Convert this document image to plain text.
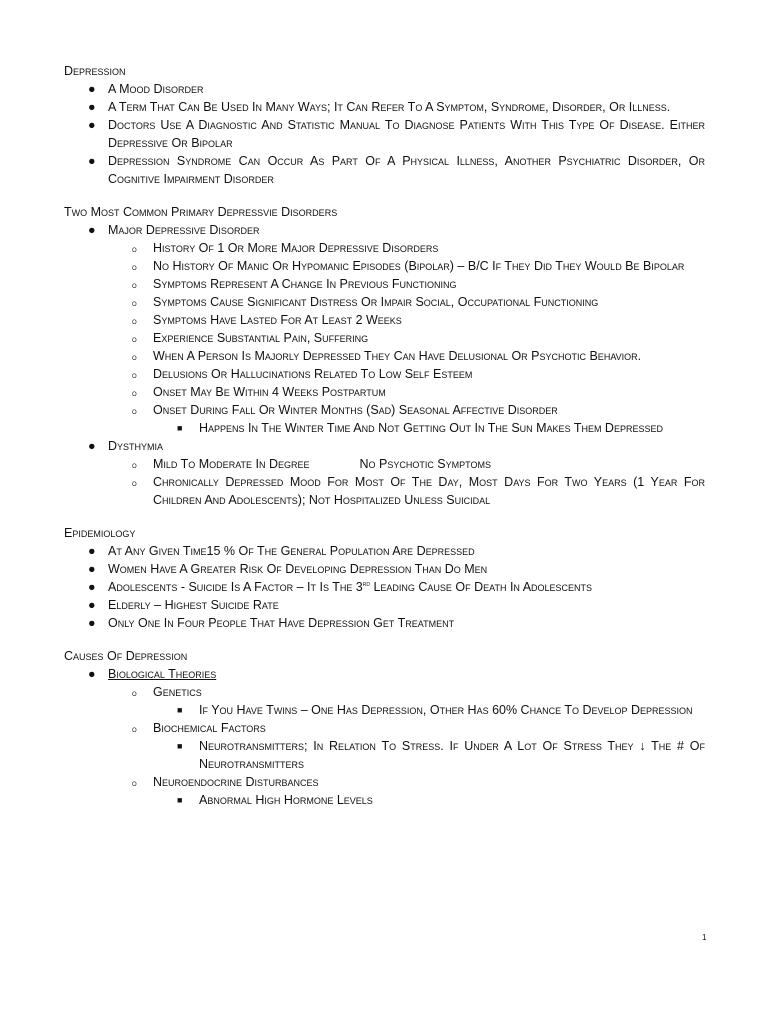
Depression
● A Mood Disorder
● A Term That Can Be Used In Many Ways; It Can Refer To A Symptom, Syndrome, Disorder, Or Illness.
● Doctors Use A Diagnostic And Statistic Manual To Diagnose Patients With This Type Of Disease. Either Depressive Or Bipolar
● Depression Syndrome Can Occur As Part Of A Physical Illness, Another Psychiatric Disorder, Or Cognitive Impairment Disorder
Two Most Common Primary Depressvie Disorders
● Major Depressive Disorder
o History Of 1 Or More Major Depressive Disorders
o No History Of Manic Or Hypomanic Episodes (Bipolar) – B/C If They Did They Would Be Bipolar
o Symptoms Represent A Change In Previous Functioning
o Symptoms Cause Significant Distress Or Impair Social, Occupational Functioning
o Symptoms Have Lasted For At Least 2 Weeks
o Experience Substantial Pain, Suffering
o When A Person Is Majorly Depressed They Can Have Delusional Or Psychotic Behavior.
o Delusions Or Hallucinations Related To Low Self Esteem
o Onset May Be Within 4 Weeks Postpartum
o Onset During Fall Or Winter Months (Sad) Seasonal Affective Disorder
■ Happens In The Winter Time And Not Getting Out In The Sun Makes Them Depressed
● Dysthymia
o Mild To Moderate In Degree	No Psychotic Symptoms
o Chronically Depressed Mood For Most Of The Day, Most Days For Two Years (1 Year For Children And Adolescents); Not Hospitalized Unless Suicidal
Epidemiology
● At Any Given Time15 % Of The General Population Are Depressed
● Women Have A Greater Risk Of Developing Depression Than Do Men
● Adolescents - Suicide Is A Factor – It Is The 3rd Leading Cause Of Death In Adolescents
● Elderly – Highest Suicide Rate
● Only One In Four People That Have Depression Get Treatment
Causes Of Depression
● Biological Theories
o Genetics
■ If You Have Twins – One Has Depression, Other Has 60% Chance To Develop Depression
o Biochemical Factors
■ Neurotransmitters; In Relation To Stress. If Under A Lot Of Stress They ↓ The # Of Neurotransmitters
o Neuroendocrine Disturbances
■ Abnormal High Hormone Levels
1
